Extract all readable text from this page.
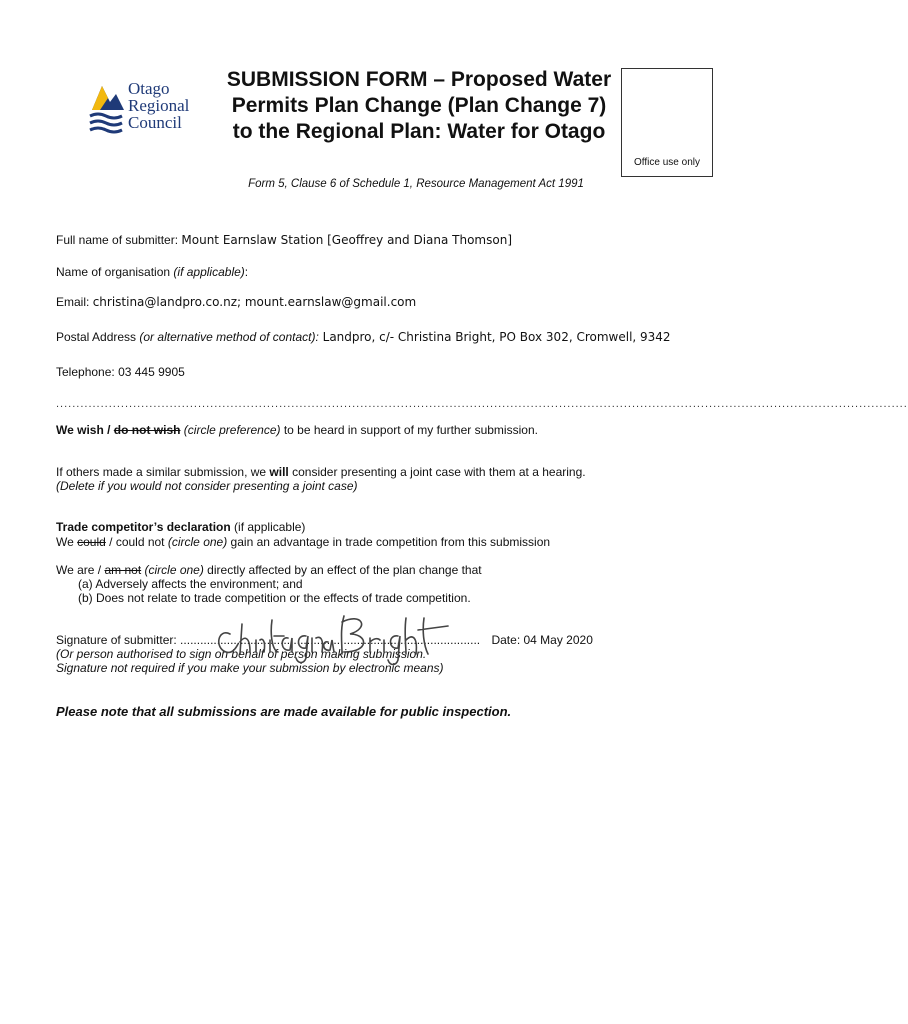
Otago
Regional
Council
SUBMISSION FORM – Proposed Water Permits Plan Change (Plan Change 7) to the Regional Plan: Water for Otago
Office use only
Form 5, Clause 6 of Schedule 1, Resource Management Act 1991
Full name of submitter: Mount Earnslaw Station [Geoffrey and Diana Thomson]
Name of organisation (if applicable):
Email: christina@landpro.co.nz; mount.earnslaw@gmail.com
Postal Address (or alternative method of contact): Landpro, c/- Christina Bright, PO Box 302, Cromwell, 9342
Telephone: 03 445 9905
..................................................................................................................................................................................................................
We wish / do not wish (circle preference) to be heard in support of my further submission.
If others made a similar submission, we will consider presenting a joint case with them at a hearing.
(Delete if you would not consider presenting a joint case)
Trade competitor’s declaration (if applicable)
We could / could not (circle one) gain an advantage in trade competition from this submission
We are / am not (circle one) directly affected by an effect of the plan change that
(a) Adversely affects the environment; and
(b) Does not relate to trade competition or the effects of trade competition.
Signature of submitter: .......................................................................................... Date: 04 May 2020
(Or person authorised to sign on behalf of person making submission.
Signature not required if you make your submission by electronic means)
Please note that all submissions are made available for public inspection.
